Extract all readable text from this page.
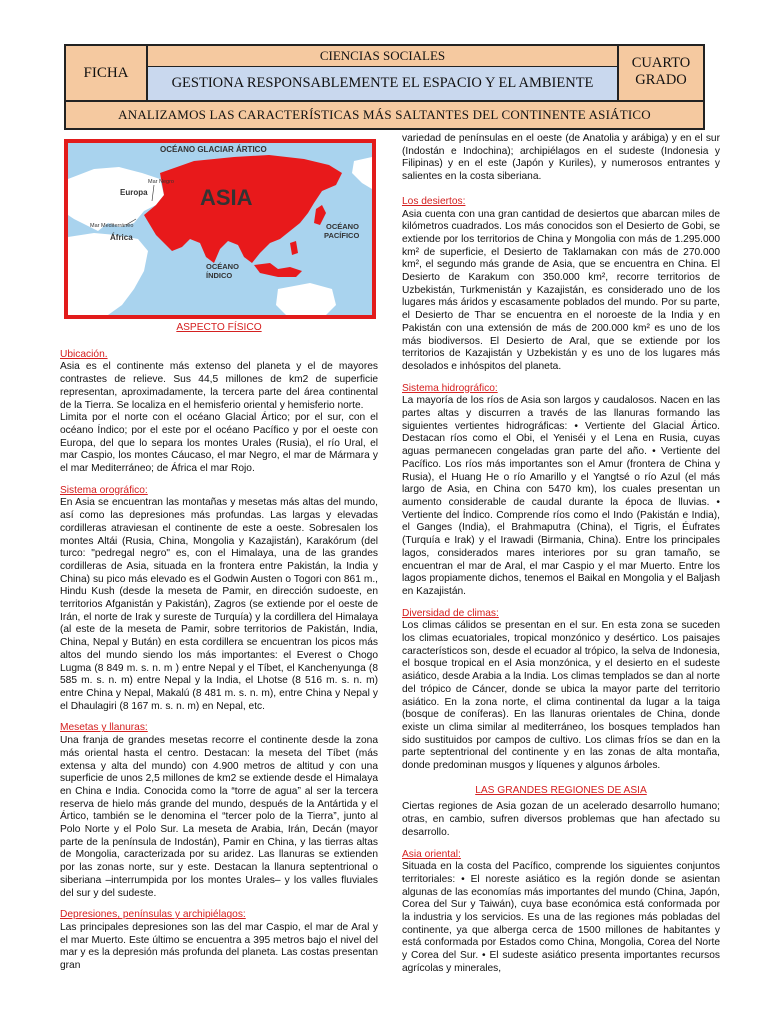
FICHA
CIENCIAS SOCIALES
GESTIONA RESPONSABLEMENTE EL ESPACIO Y EL AMBIENTE
CUARTO
GRADO
ANALIZAMOS LAS CARACTERÍSTICAS MÁS SALTANTES DEL CONTINENTE ASIÁTICO
OCÉANO GLACIAR ÁRTICO
ASIA
OCÉANO
PACÍFICO
OCÉANO
ÍNDICO
Europa
África
Mar Negro
Mar Mediterráneo

ASPECTO FÍSICO

Ubicación.

Asia es el continente más extenso del planeta y el de mayores contrastes de relieve. Sus 44,5 millones de km2 de superficie representan, aproximadamente, la tercera parte del área continental de la Tierra. Se localiza en el hemisferio oriental y hemisferio norte.

Limita por el norte con el océano Glacial Ártico; por el sur, con el océano Índico; por el este por el océano Pacífico y por el oeste con Europa, del que lo separa los montes Urales (Rusia), el río Ural, el mar Caspio, los montes Cáucaso, el mar Negro, el mar de Mármara y el mar Mediterráneo; de África el mar Rojo.

Sistema orográfico:

En Asia se encuentran las montañas y mesetas más altas del mundo, así como las depresiones más profundas. Las largas y elevadas cordilleras atraviesan el continente de este a oeste. Sobresalen los montes Altái (Rusia, China, Mongolia y Kazajistán), Karakórum (del turco: "pedregal negro" es, con el Himalaya, una de las grandes cordilleras de Asia, situada en la frontera entre Pakistán, la India y China) su pico más elevado es el Godwin Austen o Togori con 861 m., Hindu Kush (desde la meseta de Pamir, en dirección sudoeste, en territorios Afganistán y Pakistán), Zagros (se extiende por el oeste de Irán, el norte de Irak y sureste de Turquía) y la cordillera del Himalaya (al este de la meseta de Pamir, sobre territorios de Pakistán, India, China, Nepal y Bután) en esta cordillera se encuentran los picos más altos del mundo siendo los más importantes: el Everest o Chogo Lugma (8 849 m. s. n. m ) entre Nepal y el Tíbet, el Kanchenyunga (8 585 m. s. n. m) entre Nepal y la India, el Lhotse (8 516 m. s. n. m) entre China y Nepal, Makalú (8 481 m. s. n. m), entre China y Nepal y el Dhaulagiri (8 167 m. s. n. m) en Nepal, etc.

Mesetas y llanuras:

Una franja de grandes mesetas recorre el continente desde la zona más oriental hasta el centro. Destacan: la meseta del Tíbet (más extensa y alta del mundo) con 4.900 metros de altitud y con una superficie de unos 2,5 millones de km2 se extiende desde el Himalaya en China e India. Conocida como la “torre de agua” al ser la tercera reserva de hielo más grande del mundo, después de la Antártida y el Ártico, también se le denomina el “tercer polo de la Tierra”, junto al Polo Norte y el Polo Sur. La meseta de Arabia, Irán, Decán (mayor parte de la península de Indostán), Pamir en China, y las tierras altas de Mongolia, caracterizada por su aridez. Las llanuras se extienden por las zonas norte, sur y este. Destacan la llanura septentrional o siberiana –interrumpida por los montes Urales– y los valles fluviales del sur y del sudeste.

Depresiones, penínsulas y archipiélagos:

Las principales depresiones son las del mar Caspio, el mar de Aral y el mar Muerto. Este último se encuentra a 395 metros bajo el nivel del mar y es la depresión más profunda del planeta. Las costas presentan gran

variedad de penínsulas en el oeste (de Anatolia y arábiga) y en el sur (Indostán e Indochina); archipiélagos en el sudeste (Indonesia y Filipinas) y en el este (Japón y Kuriles), y numerosos entrantes y salientes en la costa siberiana.

Los desiertos:

Asia cuenta con una gran cantidad de desiertos que abarcan miles de kilómetros cuadrados. Los más conocidos son el Desierto de Gobi, se extiende por los territorios de China y Mongolia con más de 1.295.000 km² de superficie, el Desierto de Taklamakan con más de 270.000 km², el segundo más grande de Asia, que se encuentra en China. El Desierto de Karakum con 350.000 km², recorre territorios de Uzbekistán, Turkmenistán y Kazajistán, es considerado uno de los lugares más áridos y escasamente poblados del mundo. Por su parte, el Desierto de Thar se encuentra en el noroeste de la India y en Pakistán con una extensión de más de 200.000 km² es uno de los más biodiversos. El Desierto de Aral, que se extiende por los territorios de Kazajistán y Uzbekistán y es uno de los lugares más desolados e inhóspitos del planeta.

Sistema hidrográfico:

La mayoría de los ríos de Asia son largos y caudalosos. Nacen en las partes altas y discurren a través de las llanuras formando las siguientes vertientes hidrográficas: • Vertiente del Glacial Ártico. Destacan ríos como el Obi, el Yeniséi y el Lena en Rusia, cuyas aguas permanecen congeladas gran parte del año. • Vertiente del Pacífico. Los ríos más importantes son el Amur (frontera de China y Rusia), el Huang He o río Amarillo y el Yangtsé o río Azul (el más largo de Asia, en China con 5470 km), los cuales presentan un aumento considerable de caudal durante la época de lluvias. • Vertiente del Índico. Comprende ríos como el Indo (Pakistán e India), el Ganges (India), el Brahmaputra (China), el Tigris, el Éufrates (Turquía e Irak) y el Irawadi (Birmania, China). Entre los principales lagos, considerados mares interiores por su gran tamaño, se encuentran el mar de Aral, el mar Caspio y el mar Muerto. Entre los lagos propiamente dichos, tenemos el Baikal en Mongolia y el Baljash en Kazajistán.

Diversidad de climas:

Los climas cálidos se presentan en el sur. En esta zona se suceden los climas ecuatoriales, tropical monzónico y desértico. Los paisajes característicos son, desde el ecuador al trópico, la selva de Indonesia, el bosque tropical en el Asia monzónica, y el desierto en el sudeste asiático, desde Arabia a la India. Los climas templados se dan al norte del trópico de Cáncer, donde se ubica la mayor parte del territorio asiático. En la zona norte, el clima continental da lugar a la taiga (bosque de coníferas). En las llanuras orientales de China, donde existe un clima similar al mediterráneo, los bosques templados han sido sustituidos por campos de cultivo. Los climas fríos se dan en la parte septentrional del continente y en las zonas de alta montaña, donde predominan musgos y líquenes y algunos árboles.

LAS GRANDES REGIONES DE ASIA

Ciertas regiones de Asia gozan de un acelerado desarrollo humano; otras, en cambio, sufren diversos problemas que han afectado su desarrollo.

Asia oriental:

Situada en la costa del Pacífico, comprende los siguientes conjuntos territoriales: • El noreste asiático es la región donde se asientan algunas de las economías más importantes del mundo (China, Japón, Corea del Sur y Taiwán), cuya base económica está conformada por la industria y los servicios. Es una de las regiones más pobladas del continente, ya que alberga cerca de 1500 millones de habitantes y está conformada por Estados como China, Mongolia, Corea del Norte y Corea del Sur. • El sudeste asiático presenta importantes recursos agrícolas y minerales,
